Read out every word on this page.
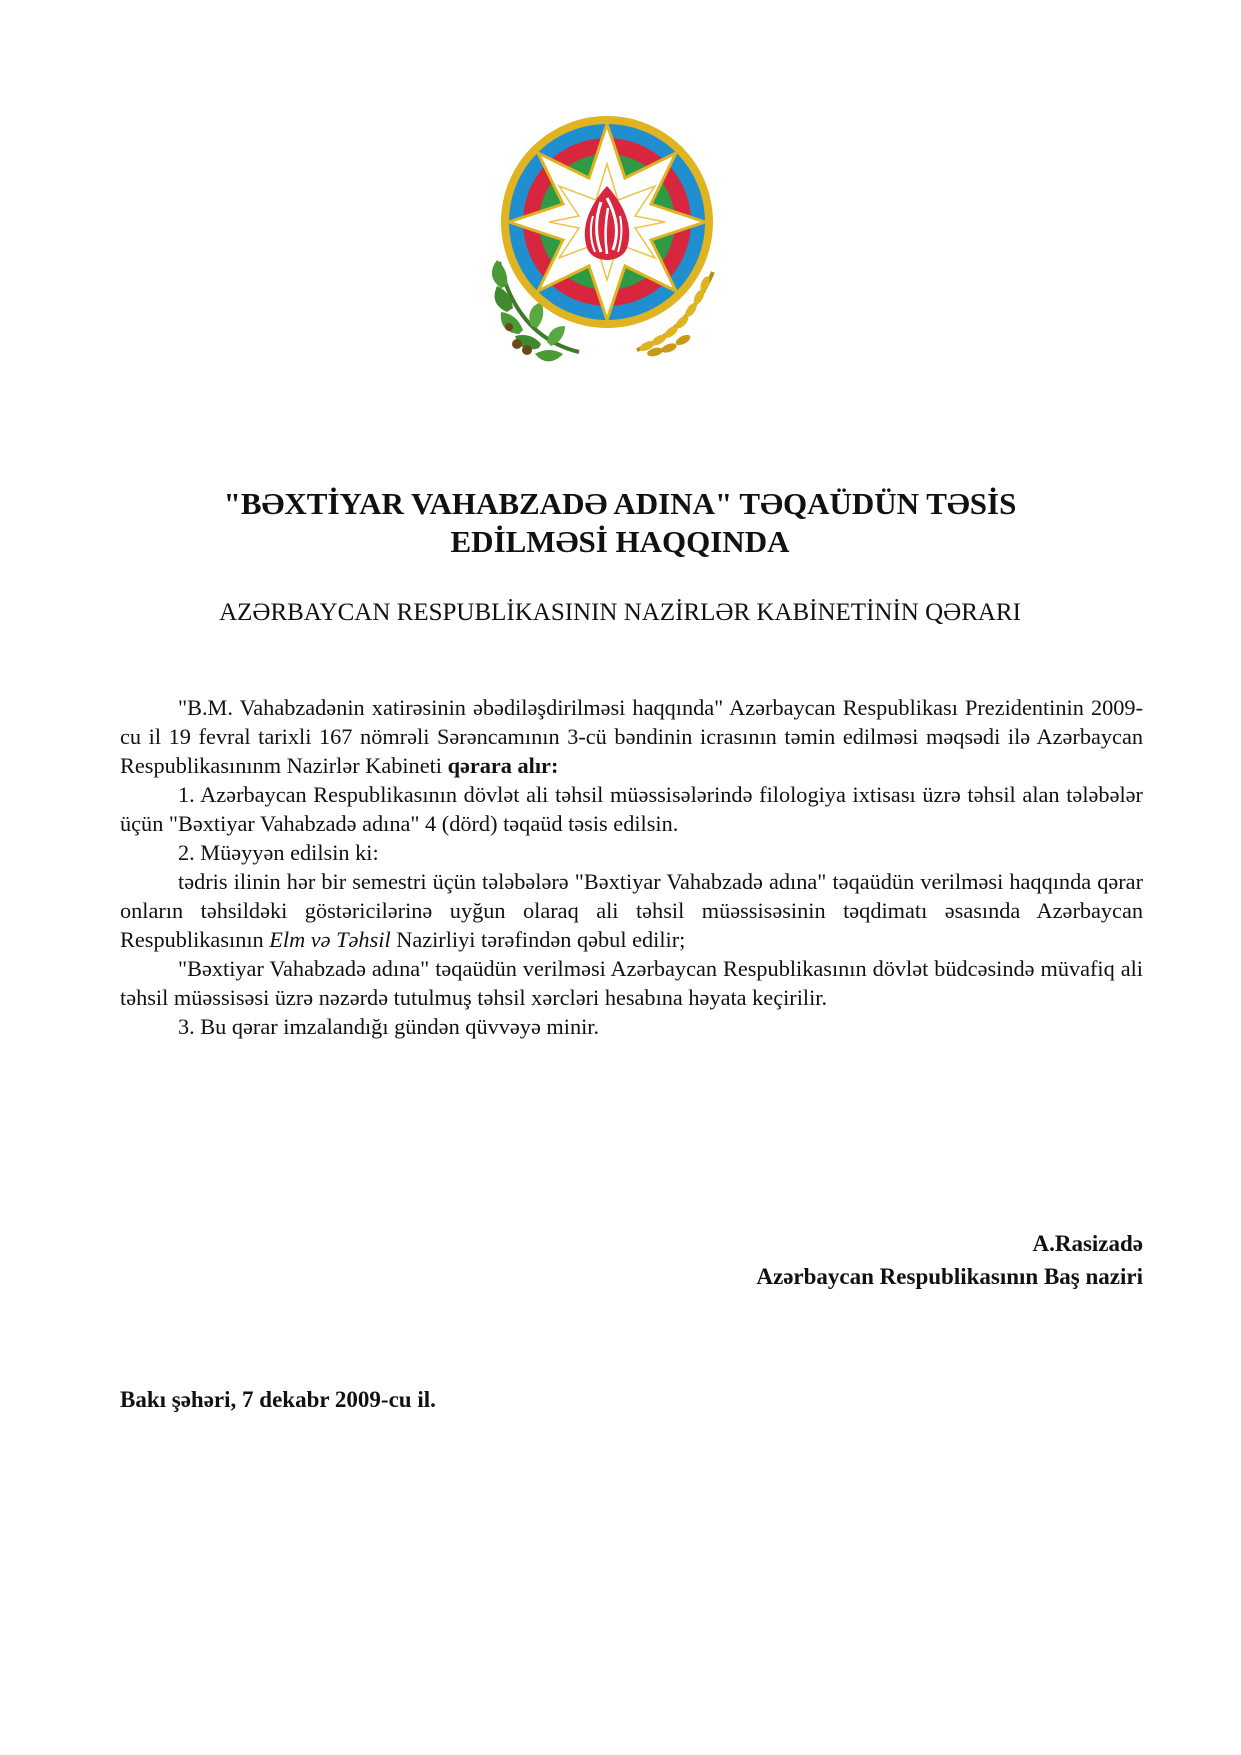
"BƏXTİYAR VAHABZADƏ ADINA" TƏQAÜDÜN TƏSİS
EDİLMƏSİ HAQQINDA
AZƏRBAYCAN RESPUBLİKASININ NAZİRLƏR KABİNETİNİN QƏRARI

"B.M. Vahabzadənin xatirəsinin əbədiləşdirilməsi haqqında" Azərbaycan Respublikası Prezidentinin 2009-cu il 19 fevral tarixli 167 nömrəli Sərəncamının 3-cü bəndinin icrasının təmin edilməsi məqsədi ilə Azərbaycan Respublikasınınm Nazirlər Kabineti qərara alır:

1. Azərbaycan Respublikasının dövlət ali təhsil müəssisələrində filologiya ixtisası üzrə təhsil alan tələbələr üçün "Bəxtiyar Vahabzadə adına" 4 (dörd) təqaüd təsis edilsin.

2. Müəyyən edilsin ki:

tədris ilinin hər bir semestri üçün tələbələrə "Bəxtiyar Vahabzadə adına" təqaüdün verilməsi haqqında qərar onların təhsildəki göstəricilərinə uyğun olaraq ali təhsil müəssisəsinin təqdimatı əsasında Azərbaycan Respublikasının Elm və Təhsil Nazirliyi tərəfindən qəbul edilir;

"Bəxtiyar Vahabzadə adına" təqaüdün verilməsi Azərbaycan Respublikasının dövlət büdcəsində müvafiq ali təhsil müəssisəsi üzrə nəzərdə tutulmuş təhsil xərcləri hesabına həyata keçirilir.

3. Bu qərar imzalandığı gündən qüvvəyə minir.

A.Rasizadə
Azərbaycan Respublikasının Baş naziri
Bakı şəhəri, 7 dekabr 2009-cu il.
